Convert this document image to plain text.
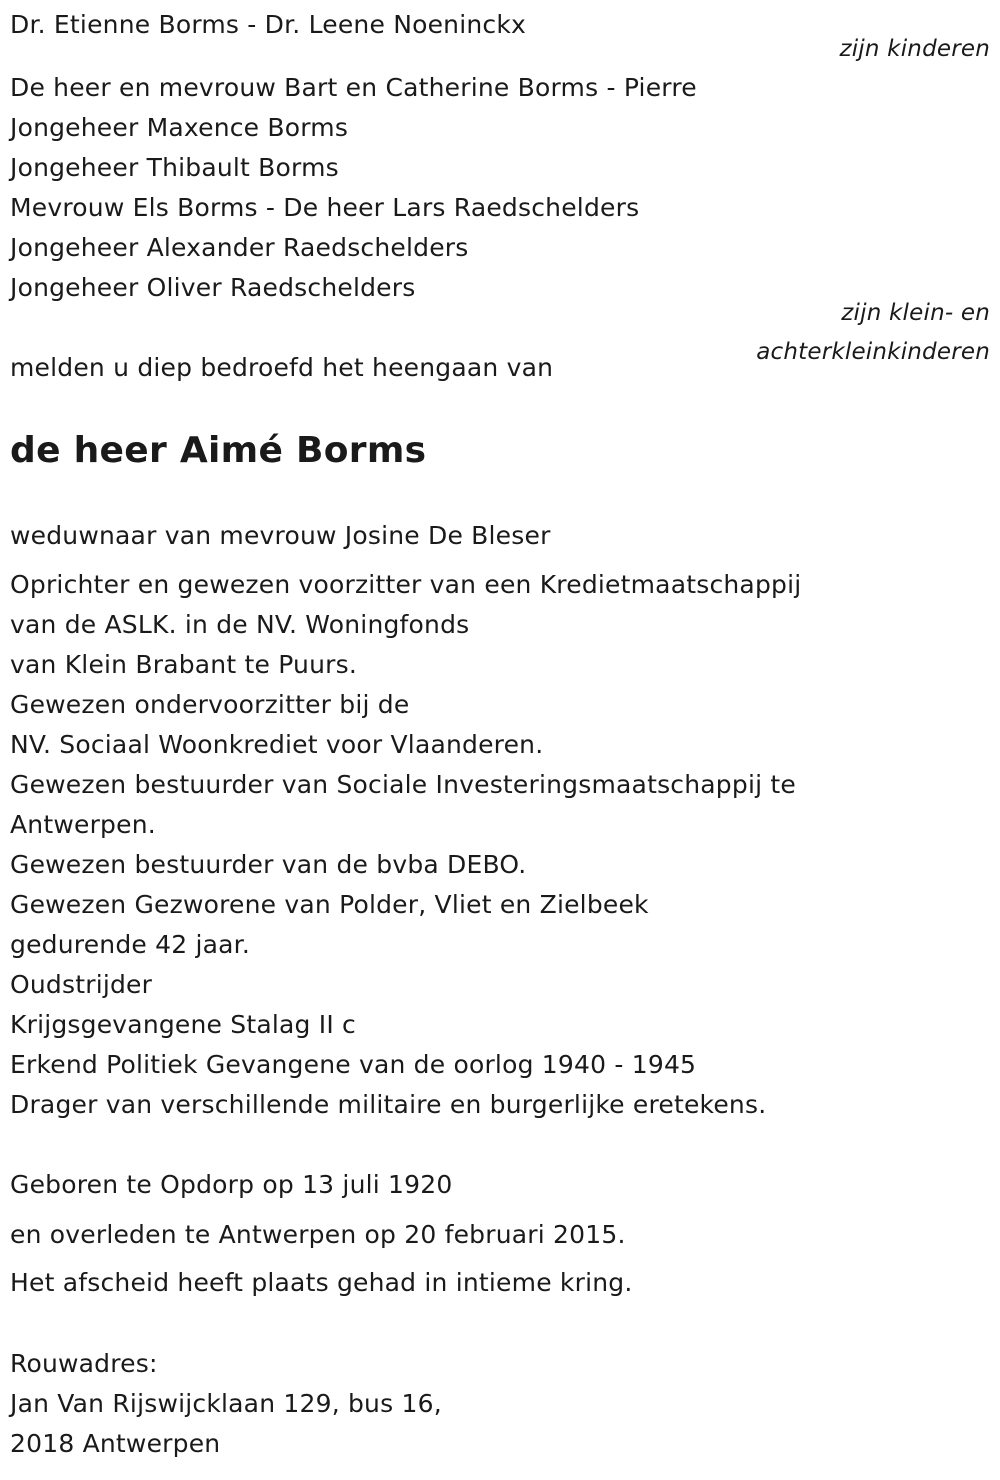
Dr. Etienne Borms - Dr. Leene Noeninckx
zijn kinderen
De heer en mevrouw Bart en Catherine Borms - Pierre
Jongeheer Maxence Borms
Jongeheer Thibault Borms
Mevrouw Els Borms - De heer Lars Raedschelders
Jongeheer Alexander Raedschelders
Jongeheer Oliver Raedschelders
zijn klein- en
achterkleinkinderen
melden u diep bedroefd het heengaan van
de heer Aimé Borms
weduwnaar van mevrouw Josine De Bleser
Oprichter en gewezen voorzitter van een Kredietmaatschappij
van de ASLK. in de NV. Woningfonds
van Klein Brabant te Puurs.
Gewezen ondervoorzitter bij de
NV. Sociaal Woonkrediet voor Vlaanderen.
Gewezen bestuurder van Sociale Investeringsmaatschappij te
Antwerpen.
Gewezen bestuurder van de bvba DEBO.
Gewezen Gezworene van Polder, Vliet en Zielbeek
gedurende 42 jaar.
Oudstrijder
Krijgsgevangene Stalag II c
Erkend Politiek Gevangene van de oorlog 1940 - 1945
Drager van verschillende militaire en burgerlijke eretekens.
Geboren te Opdorp op 13 juli 1920
en overleden te Antwerpen op 20 februari 2015.
Het afscheid heeft plaats gehad in intieme kring.
Rouwadres:
Jan Van Rijswijcklaan 129, bus 16,
2018 Antwerpen
